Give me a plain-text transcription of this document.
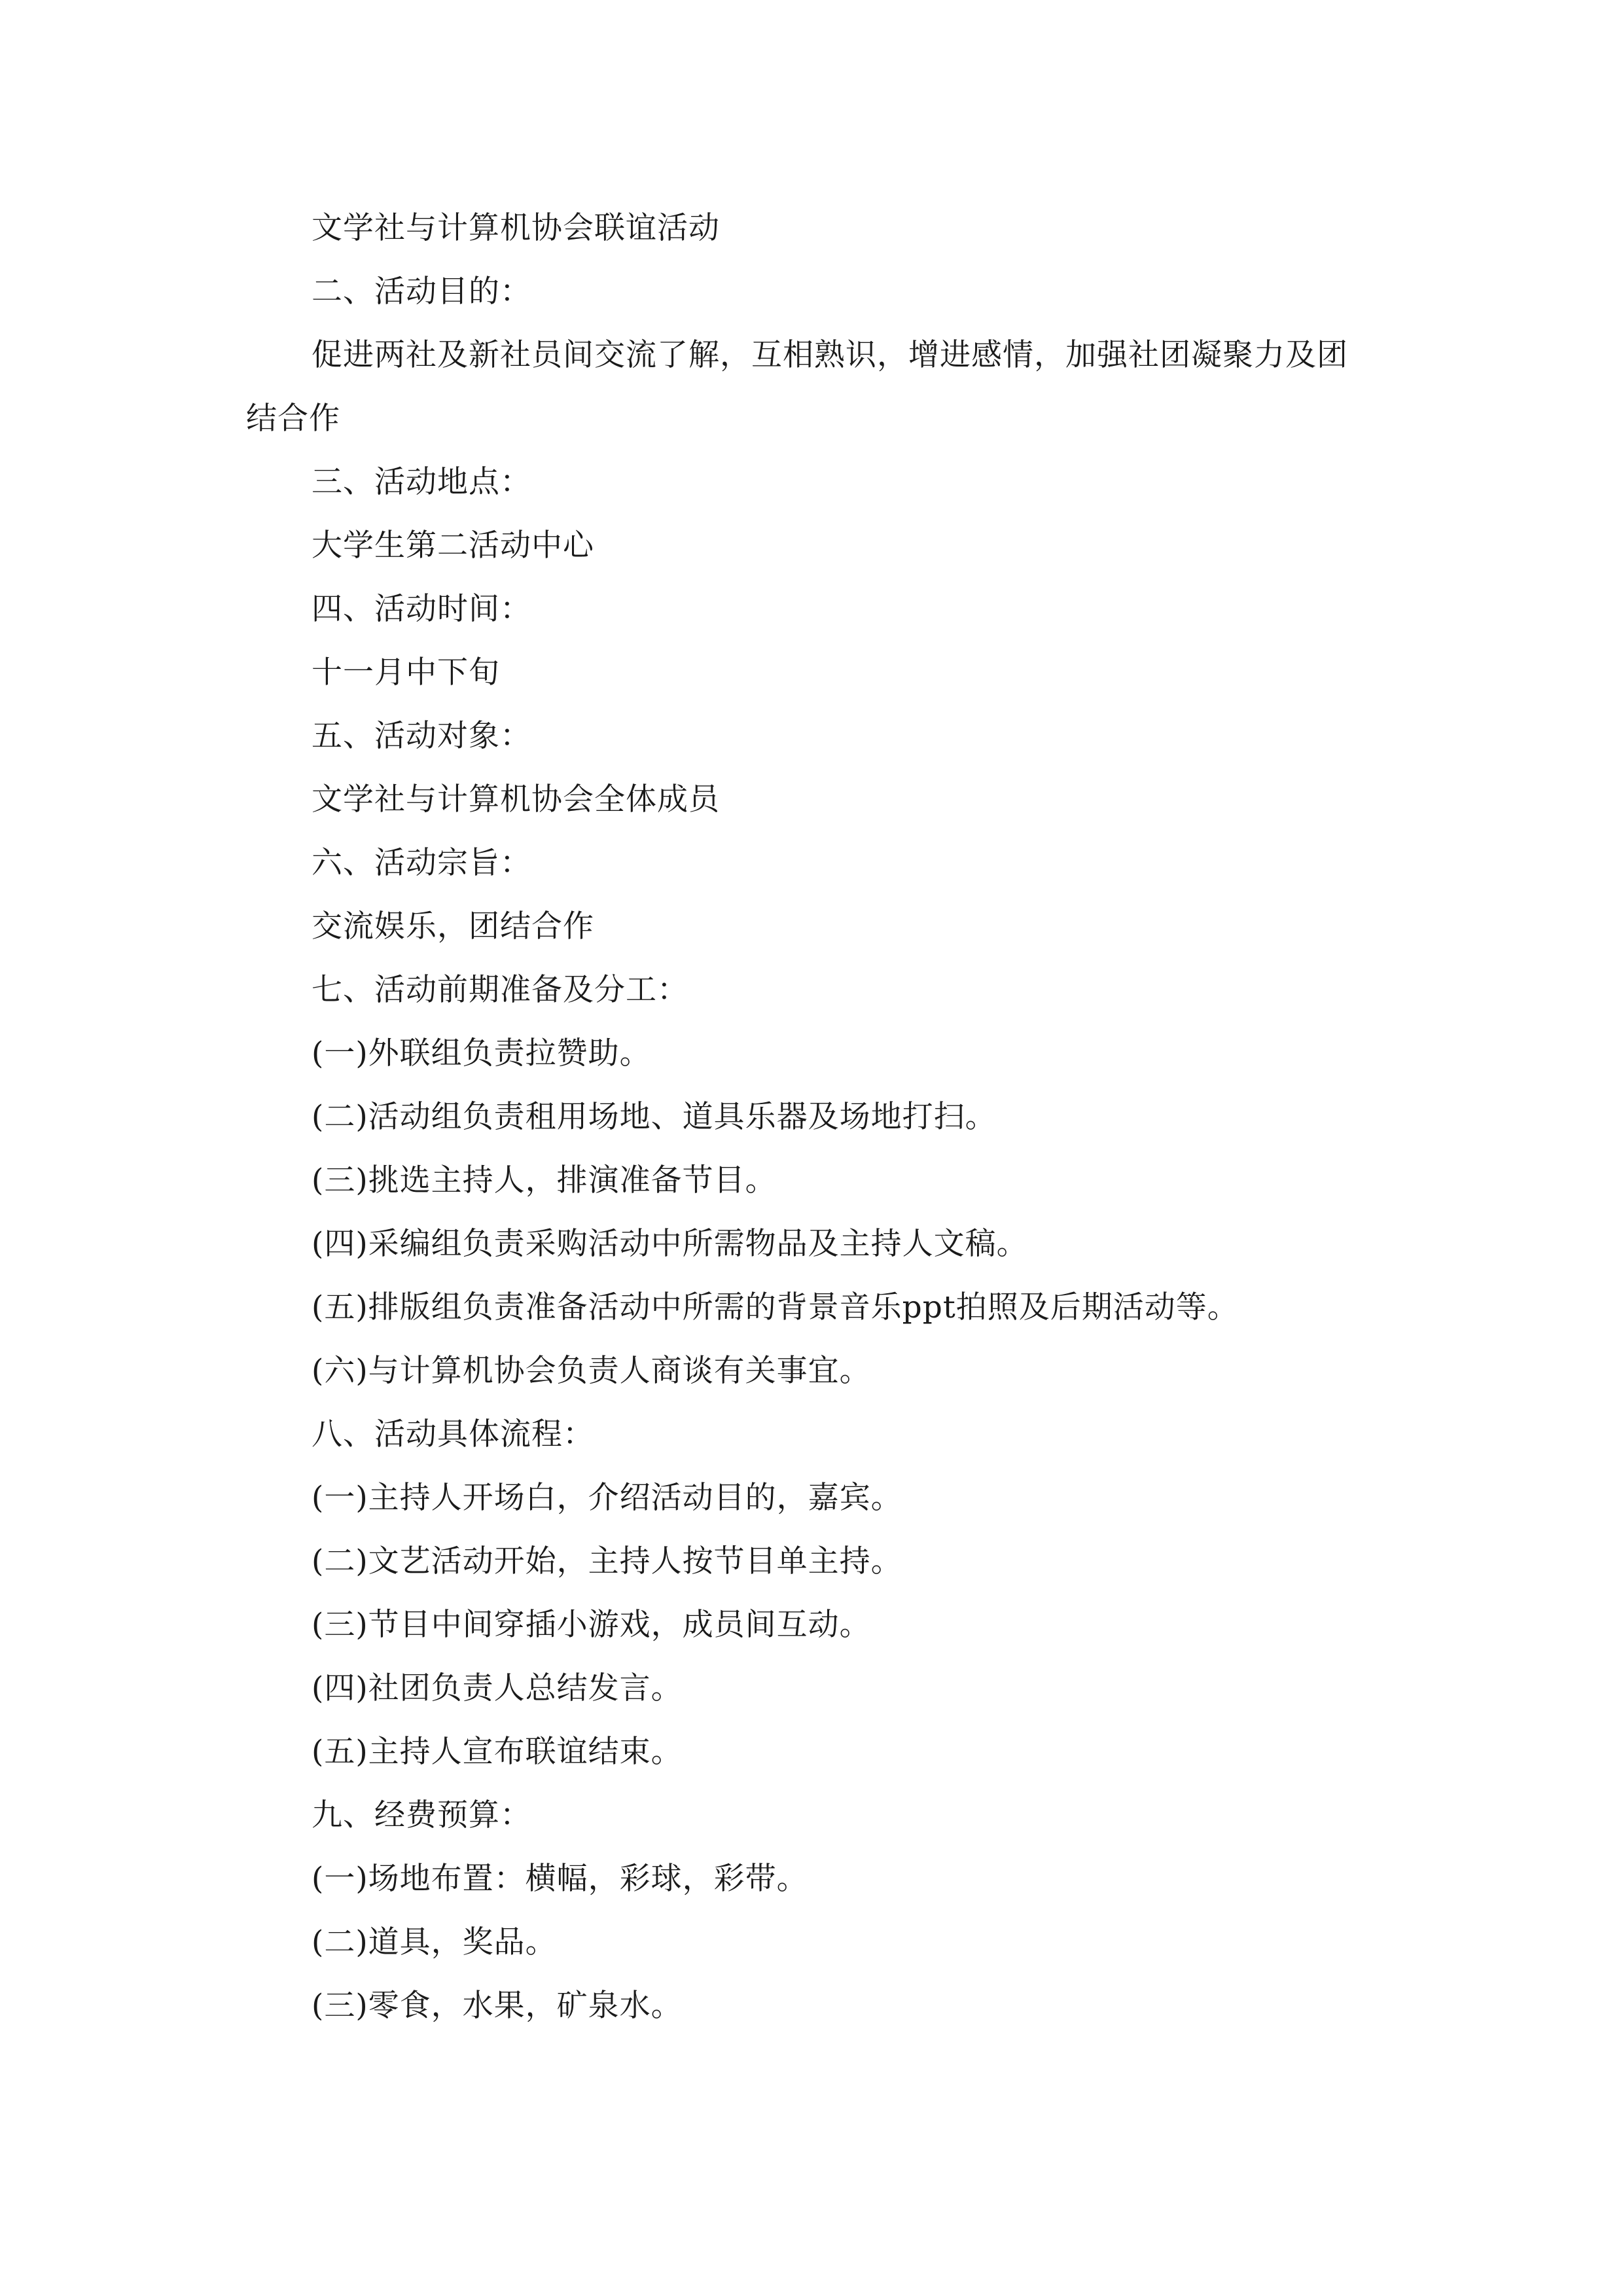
文学社与计算机协会联谊活动

二、活动目的：

促进两社及新社员间交流了解，互相熟识，增进感情，加强社团凝聚力及团结合作

三、活动地点：

大学生第二活动中心

四、活动时间：

十一月中下旬

五、活动对象：

文学社与计算机协会全体成员

六、活动宗旨：

交流娱乐，团结合作

七、活动前期准备及分工：

(一)外联组负责拉赞助。

(二)活动组负责租用场地、道具乐器及场地打扫。

(三)挑选主持人，排演准备节目。

(四)采编组负责采购活动中所需物品及主持人文稿。

(五)排版组负责准备活动中所需的背景音乐ppt拍照及后期活动等。

(六)与计算机协会负责人商谈有关事宜。

八、活动具体流程：

(一)主持人开场白，介绍活动目的，嘉宾。

(二)文艺活动开始，主持人按节目单主持。

(三)节目中间穿插小游戏，成员间互动。

(四)社团负责人总结发言。

(五)主持人宣布联谊结束。

九、经费预算：

(一)场地布置：横幅，彩球，彩带。

(二)道具，奖品。

(三)零食，水果，矿泉水。
